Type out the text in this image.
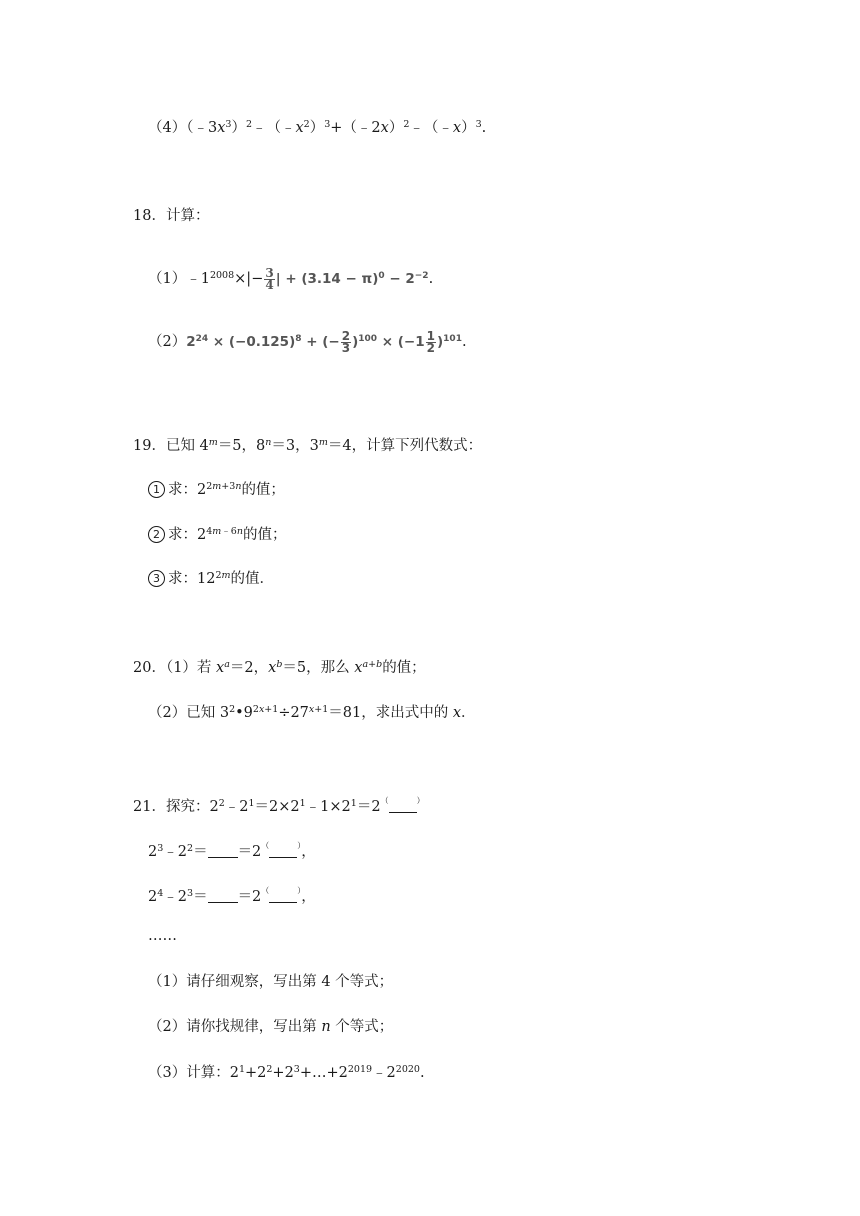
$(4)(﹣3x^3)^2﹣(﹣x^2)^3+(﹣2x)^2﹣(﹣x)^3$.
18．计算：
$(1)﹣1^{2008}\times|- \frac{3}{4}$ | + $(3.14 - \pi)^0 - 2^{-2}$.
$(2)2^{24} \times (-0.125)^8$ + (− $\frac{2}{3} )^{100} \times (-1 \frac{1}{2} )^{101}$.
19．已知 $4^m=5$，$8^n=3$，$3^m=4$，计算下列代数式：
1 求：$2^{2m+3n}$的值；
2 求：$2^{4m﹣6n}$的值；
3 求：$12^{2m}$的值．
20．（1）若 $x^a=2$，$x^b=5$，那么 $x^{a+b}$的值；
（2）已知 $3^2•9^{2x+1}\div 27^{x+1}=81$，求出式中的 x．
21．探究：$2^2﹣2^1=2\times 2^1﹣1\times 2^1=2^($	）
$2^3﹣2^2= =2^($	），
$2^4﹣2^3= =2^($	），
……
（1）请仔细观察，写出第 4 个等式；
（2）请你找规律，写出第 n 个等式；
（3）计算：$2^1+2^2+2^3+\dots+2^{2019}﹣2^{2020}$.
